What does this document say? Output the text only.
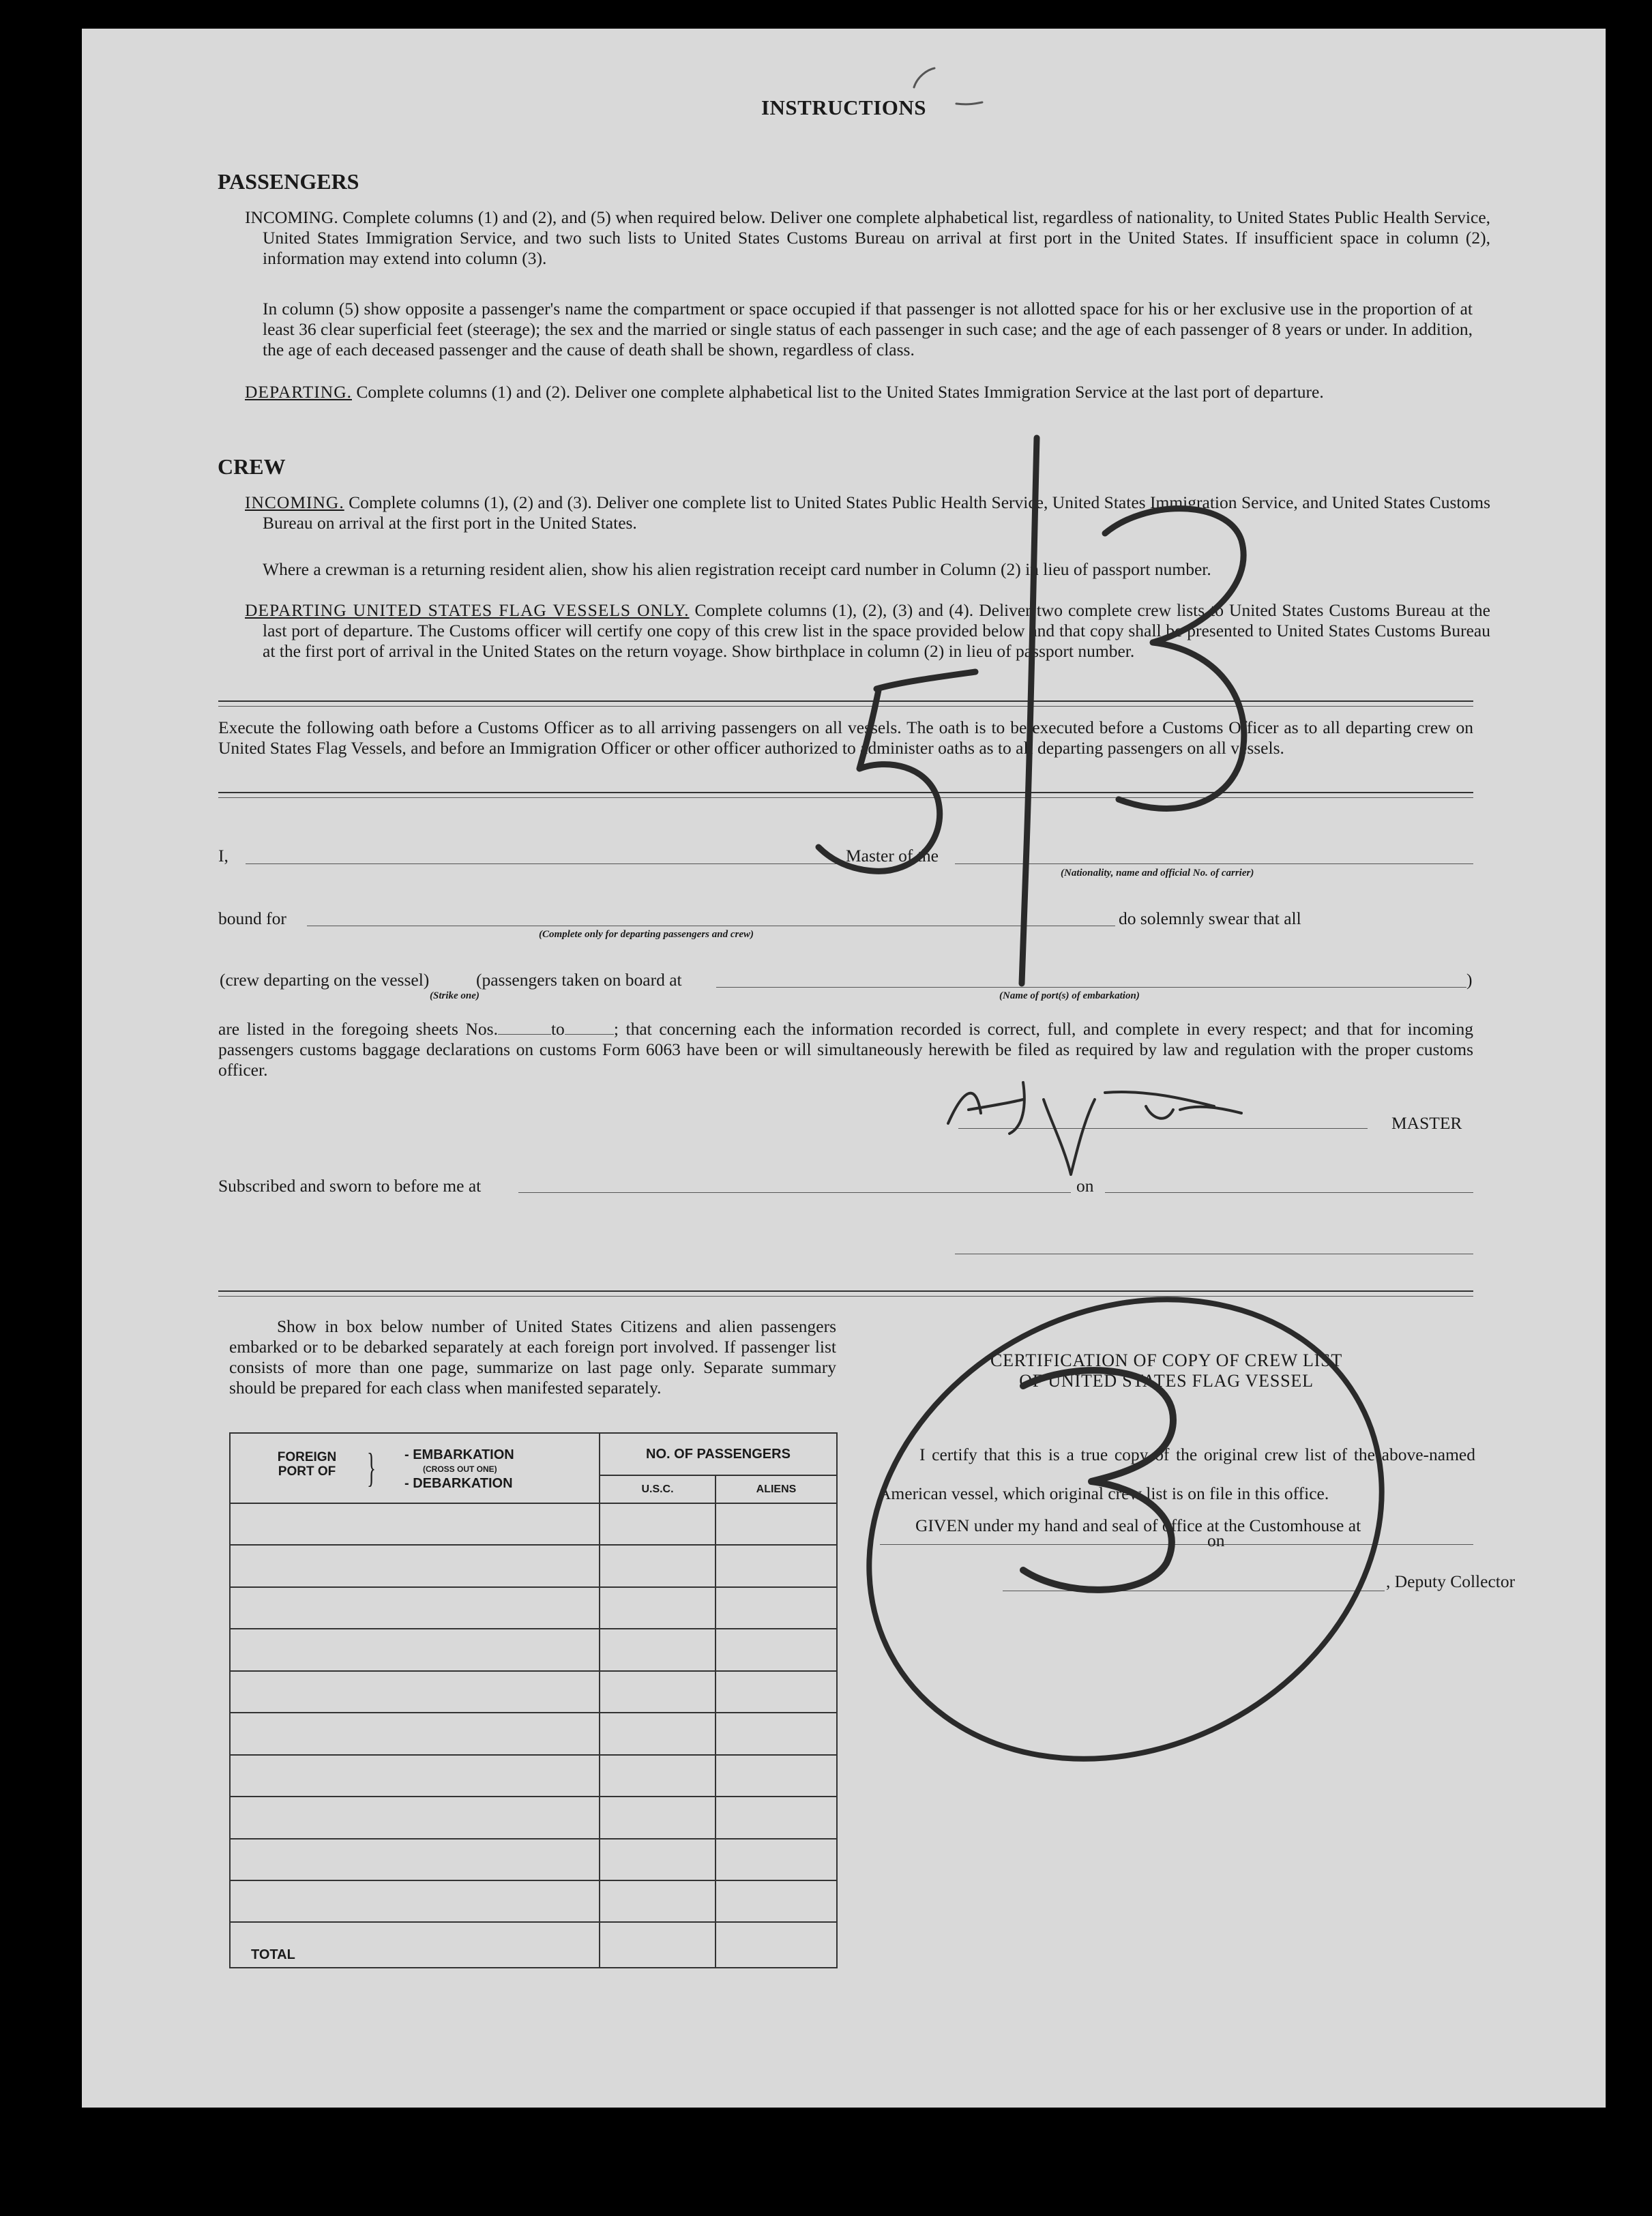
INSTRUCTIONS
PASSENGERS
INCOMING. Complete columns (1) and (2), and (5) when required below. Deliver one complete alphabetical list, regardless of nationality, to United States Public Health Service, United States Immigration Service, and two such lists to United States Customs Bureau on arrival at first port in the United States. If insufficient space in column (2), information may extend into column (3).
In column (5) show opposite a passenger's name the compartment or space occupied if that passenger is not allotted space for his or her exclusive use in the proportion of at least 36 clear superficial feet (steerage); the sex and the married or single status of each passenger in such case; and the age of each passenger of 8 years or under. In addition, the age of each deceased passenger and the cause of death shall be shown, regardless of class.
DEPARTING. Complete columns (1) and (2). Deliver one complete alphabetical list to the United States Immigration Service at the last port of departure.
CREW
INCOMING. Complete columns (1), (2) and (3). Deliver one complete list to United States Public Health Service, United States Immigration Service, and United States Customs Bureau on arrival at the first port in the United States.
Where a crewman is a returning resident alien, show his alien registration receipt card number in Column (2) in lieu of passport number.
DEPARTING UNITED STATES FLAG VESSELS ONLY. Complete columns (1), (2), (3) and (4). Deliver two complete crew lists to United States Customs Bureau at the last port of departure. The Customs officer will certify one copy of this crew list in the space provided below and that copy shall be presented to United States Customs Bureau at the first port of arrival in the United States on the return voyage. Show birthplace in column (2) in lieu of passport number.
Execute the following oath before a Customs Officer as to all arriving passengers on all vessels. The oath is to be executed before a Customs Officer as to all departing crew on United States Flag Vessels, and before an Immigration Officer or other officer authorized to administer oaths as to all departing passengers on all vessels.
I,	Master of the
(Nationality, name and official No. of carrier)
bound for
(Complete only for departing passengers and crew)
do solemnly swear that all
(crew departing on the vessel)	(passengers taken on board at	)
(Strike one)	(Name of port(s) of embarkation)
are listed in the foregoing sheets Nos.	to	; that concerning each the information recorded is correct, full, and complete in every respect; and that for incoming passengers customs baggage declarations on customs Form 6063 have been or will simultaneously herewith be filed as required by law and regulation with the proper customs officer.
MASTER
Subscribed and sworn to before me at	on
Show in box below number of United States Citizens and alien passengers embarked or to be debarked separately at each foreign port involved. If passenger list consists of more than one page, summarize on last page only. Separate summary should be prepared for each class when manifested separately.
FOREIGN PORT OF } - EMBARKATION
(CROSS OUT ONE)
- DEBARKATION	NO. OF PASSENGERS	
	U.S.C.	ALIENS

TOTAL		

CERTIFICATION OF COPY OF CREW LIST
OF UNITED STATES FLAG VESSEL
I certify that this is a true copy of the original crew list of the above-named American vessel, which original crew list is on file in this office.
GIVEN under my hand and seal of office at the Customhouse at
on
, Deputy Collector
